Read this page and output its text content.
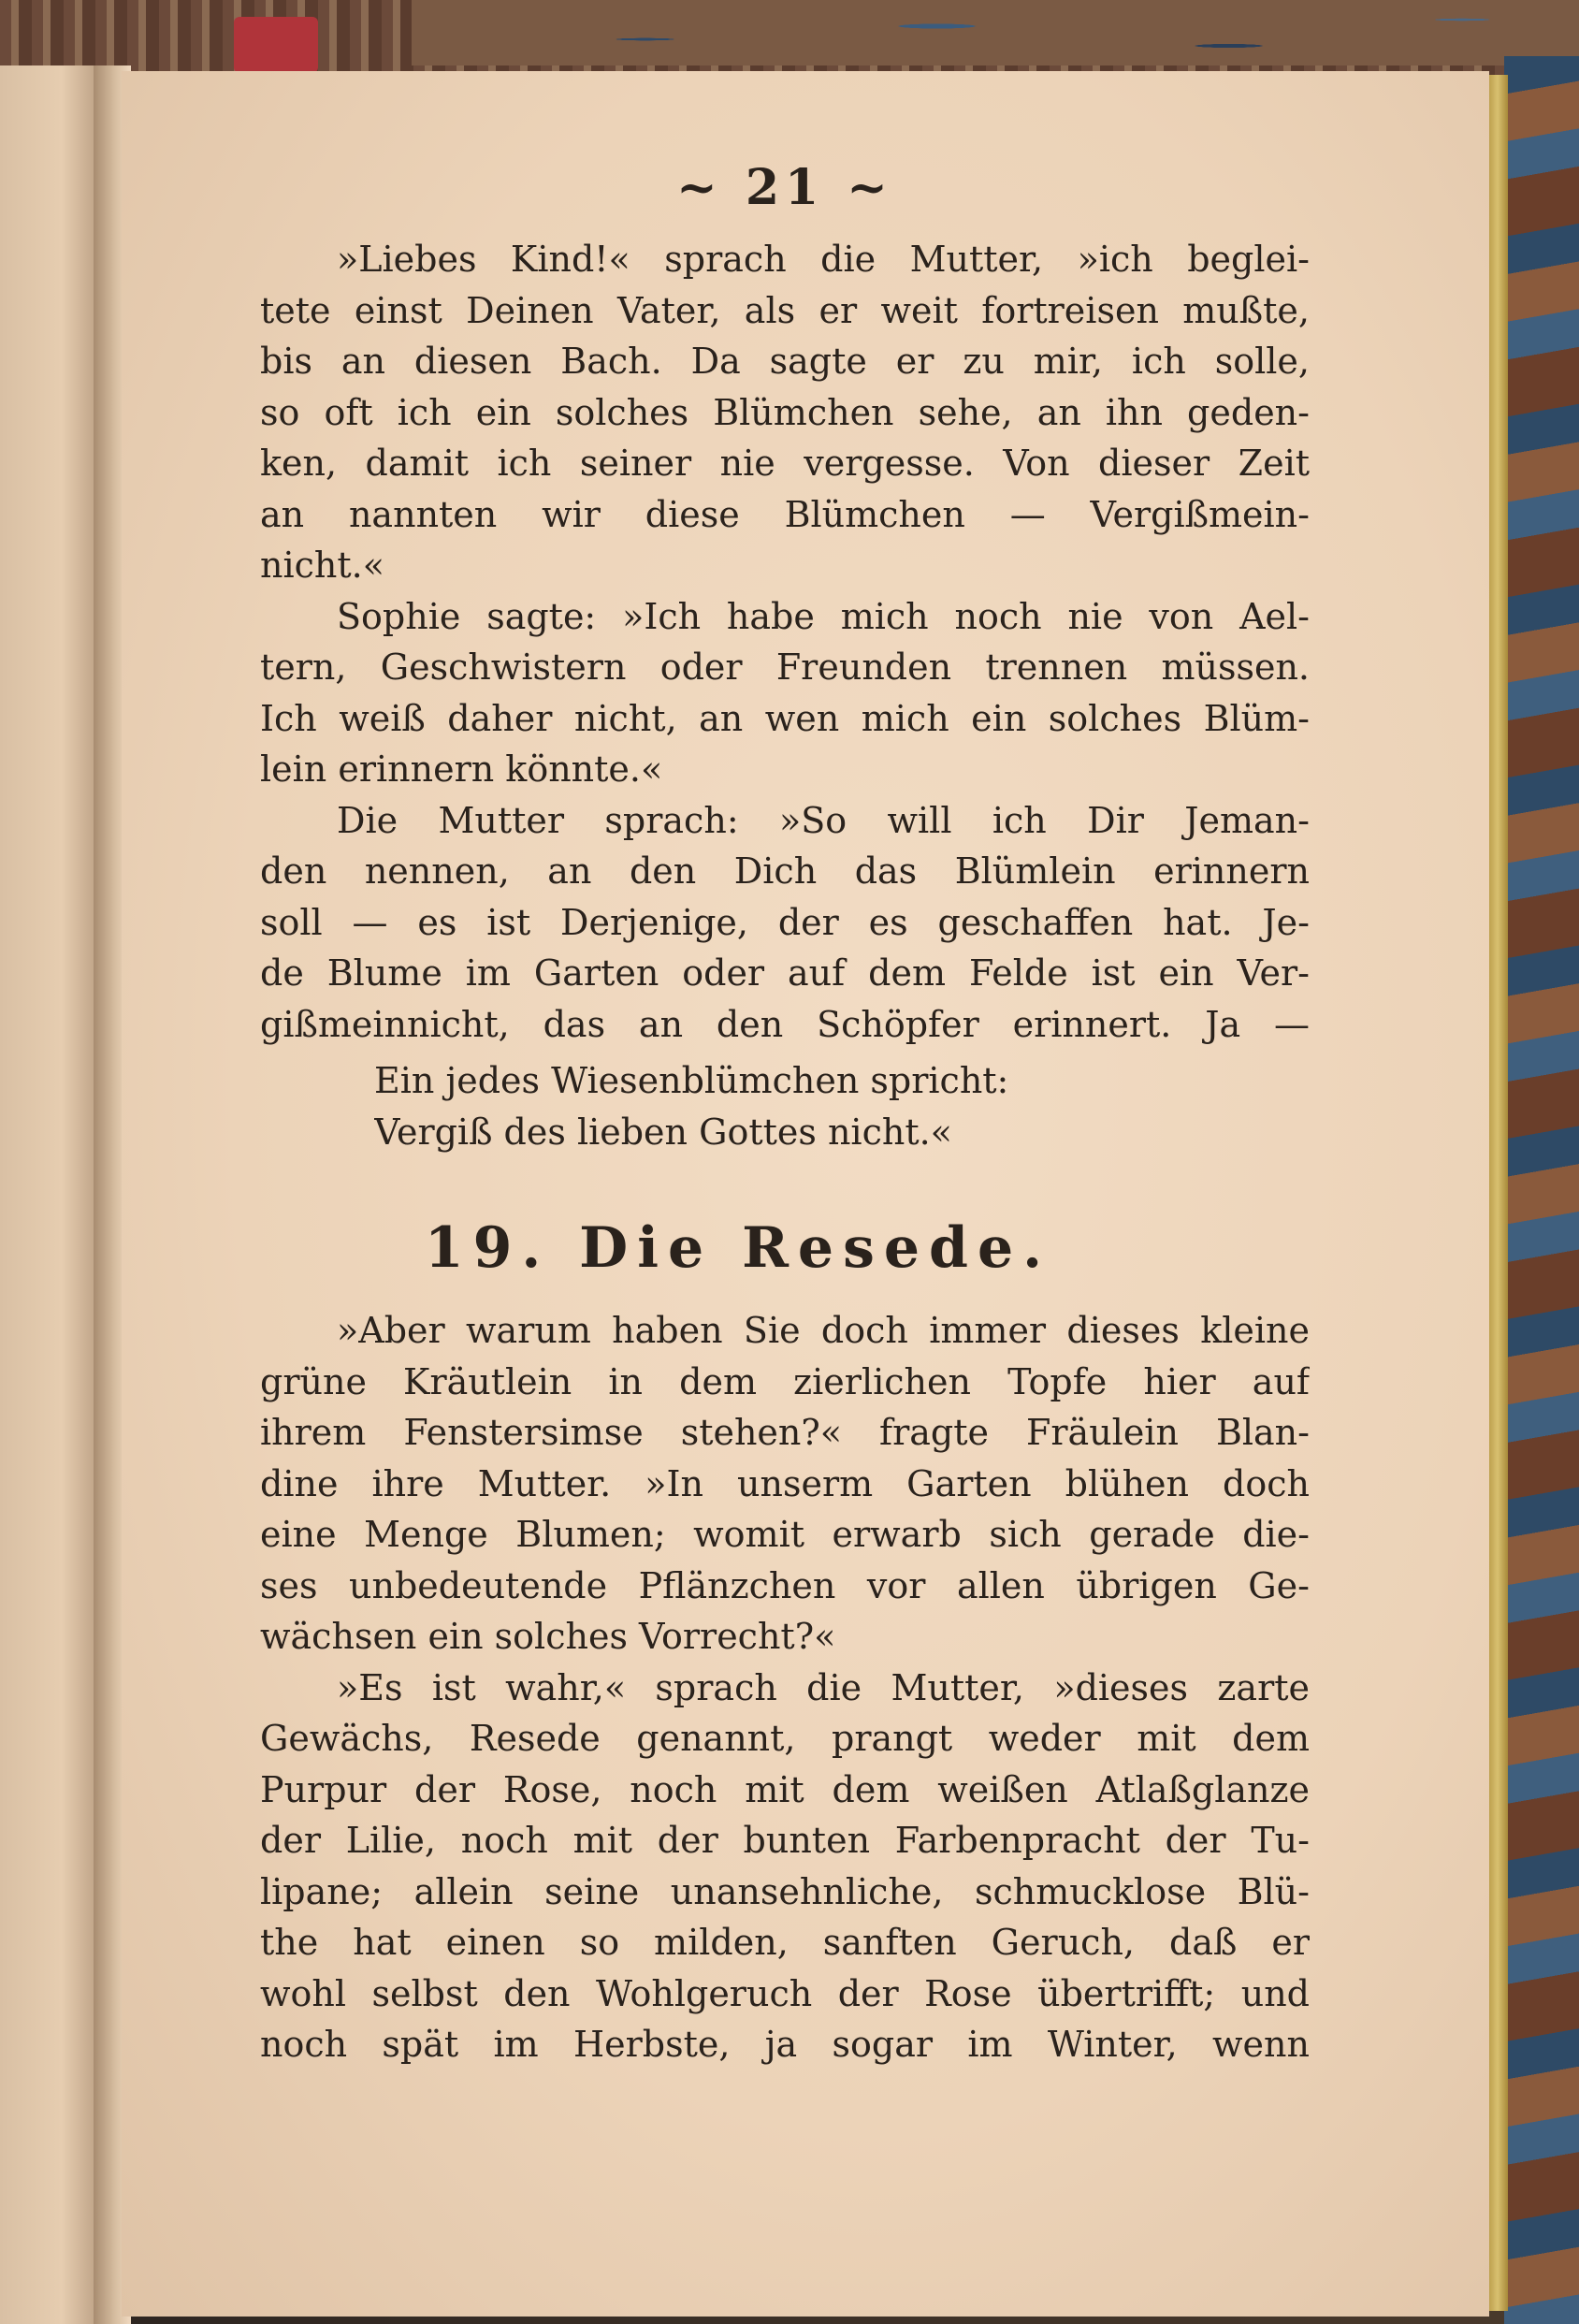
~ 21 ~
»Liebes Kind!« sprach die Mutter, »ich beglei-
tete einst Deinen Vater, als er weit fortreisen mußte,
bis an diesen Bach. Da sagte er zu mir, ich solle,
so oft ich ein solches Blümchen sehe, an ihn geden-
ken, damit ich seiner nie vergesse. Von dieser Zeit
an nannten wir diese Blümchen — Vergißmein-
nicht.«
Sophie sagte: »Ich habe mich noch nie von Ael-
tern, Geschwistern oder Freunden trennen müssen.
Ich weiß daher nicht, an wen mich ein solches Blüm-
lein erinnern könnte.«
Die Mutter sprach: »So will ich Dir Jeman-
den nennen, an den Dich das Blümlein erinnern
soll — es ist Derjenige, der es geschaffen hat. Je-
de Blume im Garten oder auf dem Felde ist ein Ver-
gißmeinnicht, das an den Schöpfer erinnert. Ja —
Ein jedes Wiesenblümchen spricht:
Vergiß des lieben Gottes nicht.«
19. Die Resede.
»Aber warum haben Sie doch immer dieses kleine
grüne Kräutlein in dem zierlichen Topfe hier auf
ihrem Fenstersimse stehen?« fragte Fräulein Blan-
dine ihre Mutter. »In unserm Garten blühen doch
eine Menge Blumen; womit erwarb sich gerade die-
ses unbedeutende Pflänzchen vor allen übrigen Ge-
wächsen ein solches Vorrecht?«
»Es ist wahr,« sprach die Mutter, »dieses zarte
Gewächs, Resede genannt, prangt weder mit dem
Purpur der Rose, noch mit dem weißen Atlaßglanze
der Lilie, noch mit der bunten Farbenpracht der Tu-
lipane; allein seine unansehnliche, schmucklose Blü-
the hat einen so milden, sanften Geruch, daß er
wohl selbst den Wohlgeruch der Rose übertrifft; und
noch spät im Herbste, ja sogar im Winter, wenn
